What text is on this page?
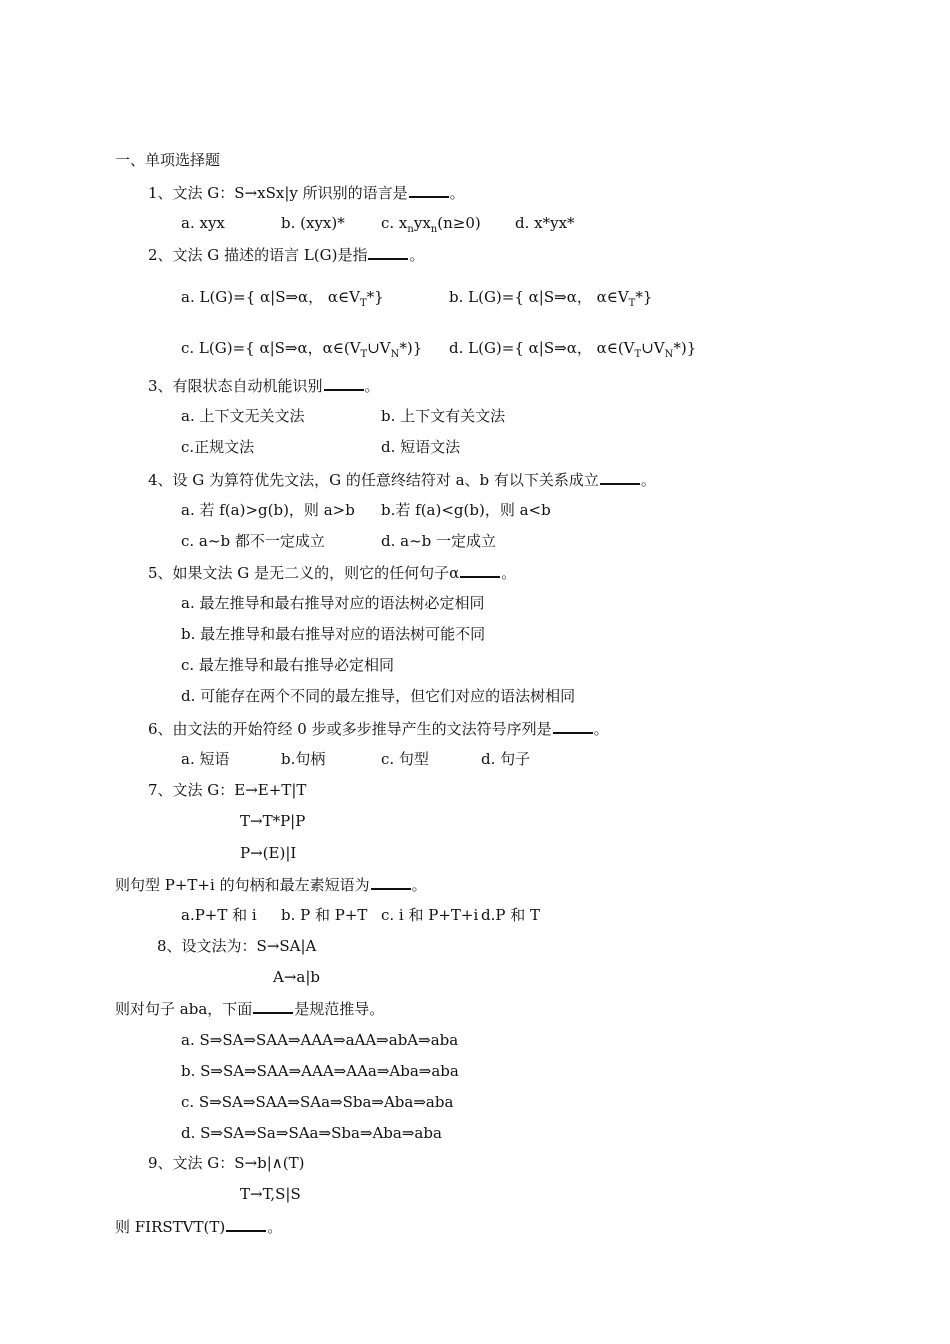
一、单项选择题
1、文法 G：S→xSx|y 所识别的语言是	。
a. xyx	b. (xyx)* c. $x_nyx_n(n\ge 0)$ d. x*yx*
2、文法 G 描述的语言 L(G)是指	。
a. L(G)={ α|S⇒α， $\alpha\in V_T*$}	b. L(G)={ α|S⇒α， $\alpha\in V_T*$}
c. L(G)={ α|S⇒α，$\alpha\in(V_T\cup V_N*)$} d. L(G)={ α|S⇒α， $\alpha\in(V_T\cup V_N*)$}
3、有限状态自动机能识别	。
a. 上下文无关文法	b. 上下文有关文法
c.正规文法	d. 短语文法
4、设 G 为算符优先文法，G 的任意终结符对 a、b 有以下关系成立	。
a. 若 f(a)>g(b)，则 a>b b.若 f(a)<g(b)，则 a<b
c. a~b 都不一定成立	d. a~b 一定成立
5、如果文法 G 是无二义的，则它的任何句子α	。
a. 最左推导和最右推导对应的语法树必定相同
b. 最左推导和最右推导对应的语法树可能不同
c. 最左推导和最右推导必定相同
d. 可能存在两个不同的最左推导，但它们对应的语法树相同
6、由文法的开始符经 0 步或多步推导产生的文法符号序列是	。
a. 短语	b.句柄	c. 句型	d. 句子
7、文法 G：E→E+T|T
T→T*P|P
P→(E)|I
则句型 P+T+i 的句柄和最左素短语为	。
a.P+T 和 i b. P 和 P+T c. i 和 P+T+i d.P 和 T
8、设文法为：S→SA|A
A→a|b
则对句子 aba，下面	是规范推导。
a. S⇒SA⇒SAA⇒AAA⇒aAA⇒abA⇒aba
b. S⇒SA⇒SAA⇒AAA⇒AAa⇒Aba⇒aba
c. S⇒SA⇒SAA⇒SAa⇒Sba⇒Aba⇒aba
d. S⇒SA⇒Sa⇒SAa⇒Sba⇒Aba⇒aba
9、文法 G：S→b|∧(T)
T→T,S|S
则 FIRSTVT(T)	。
